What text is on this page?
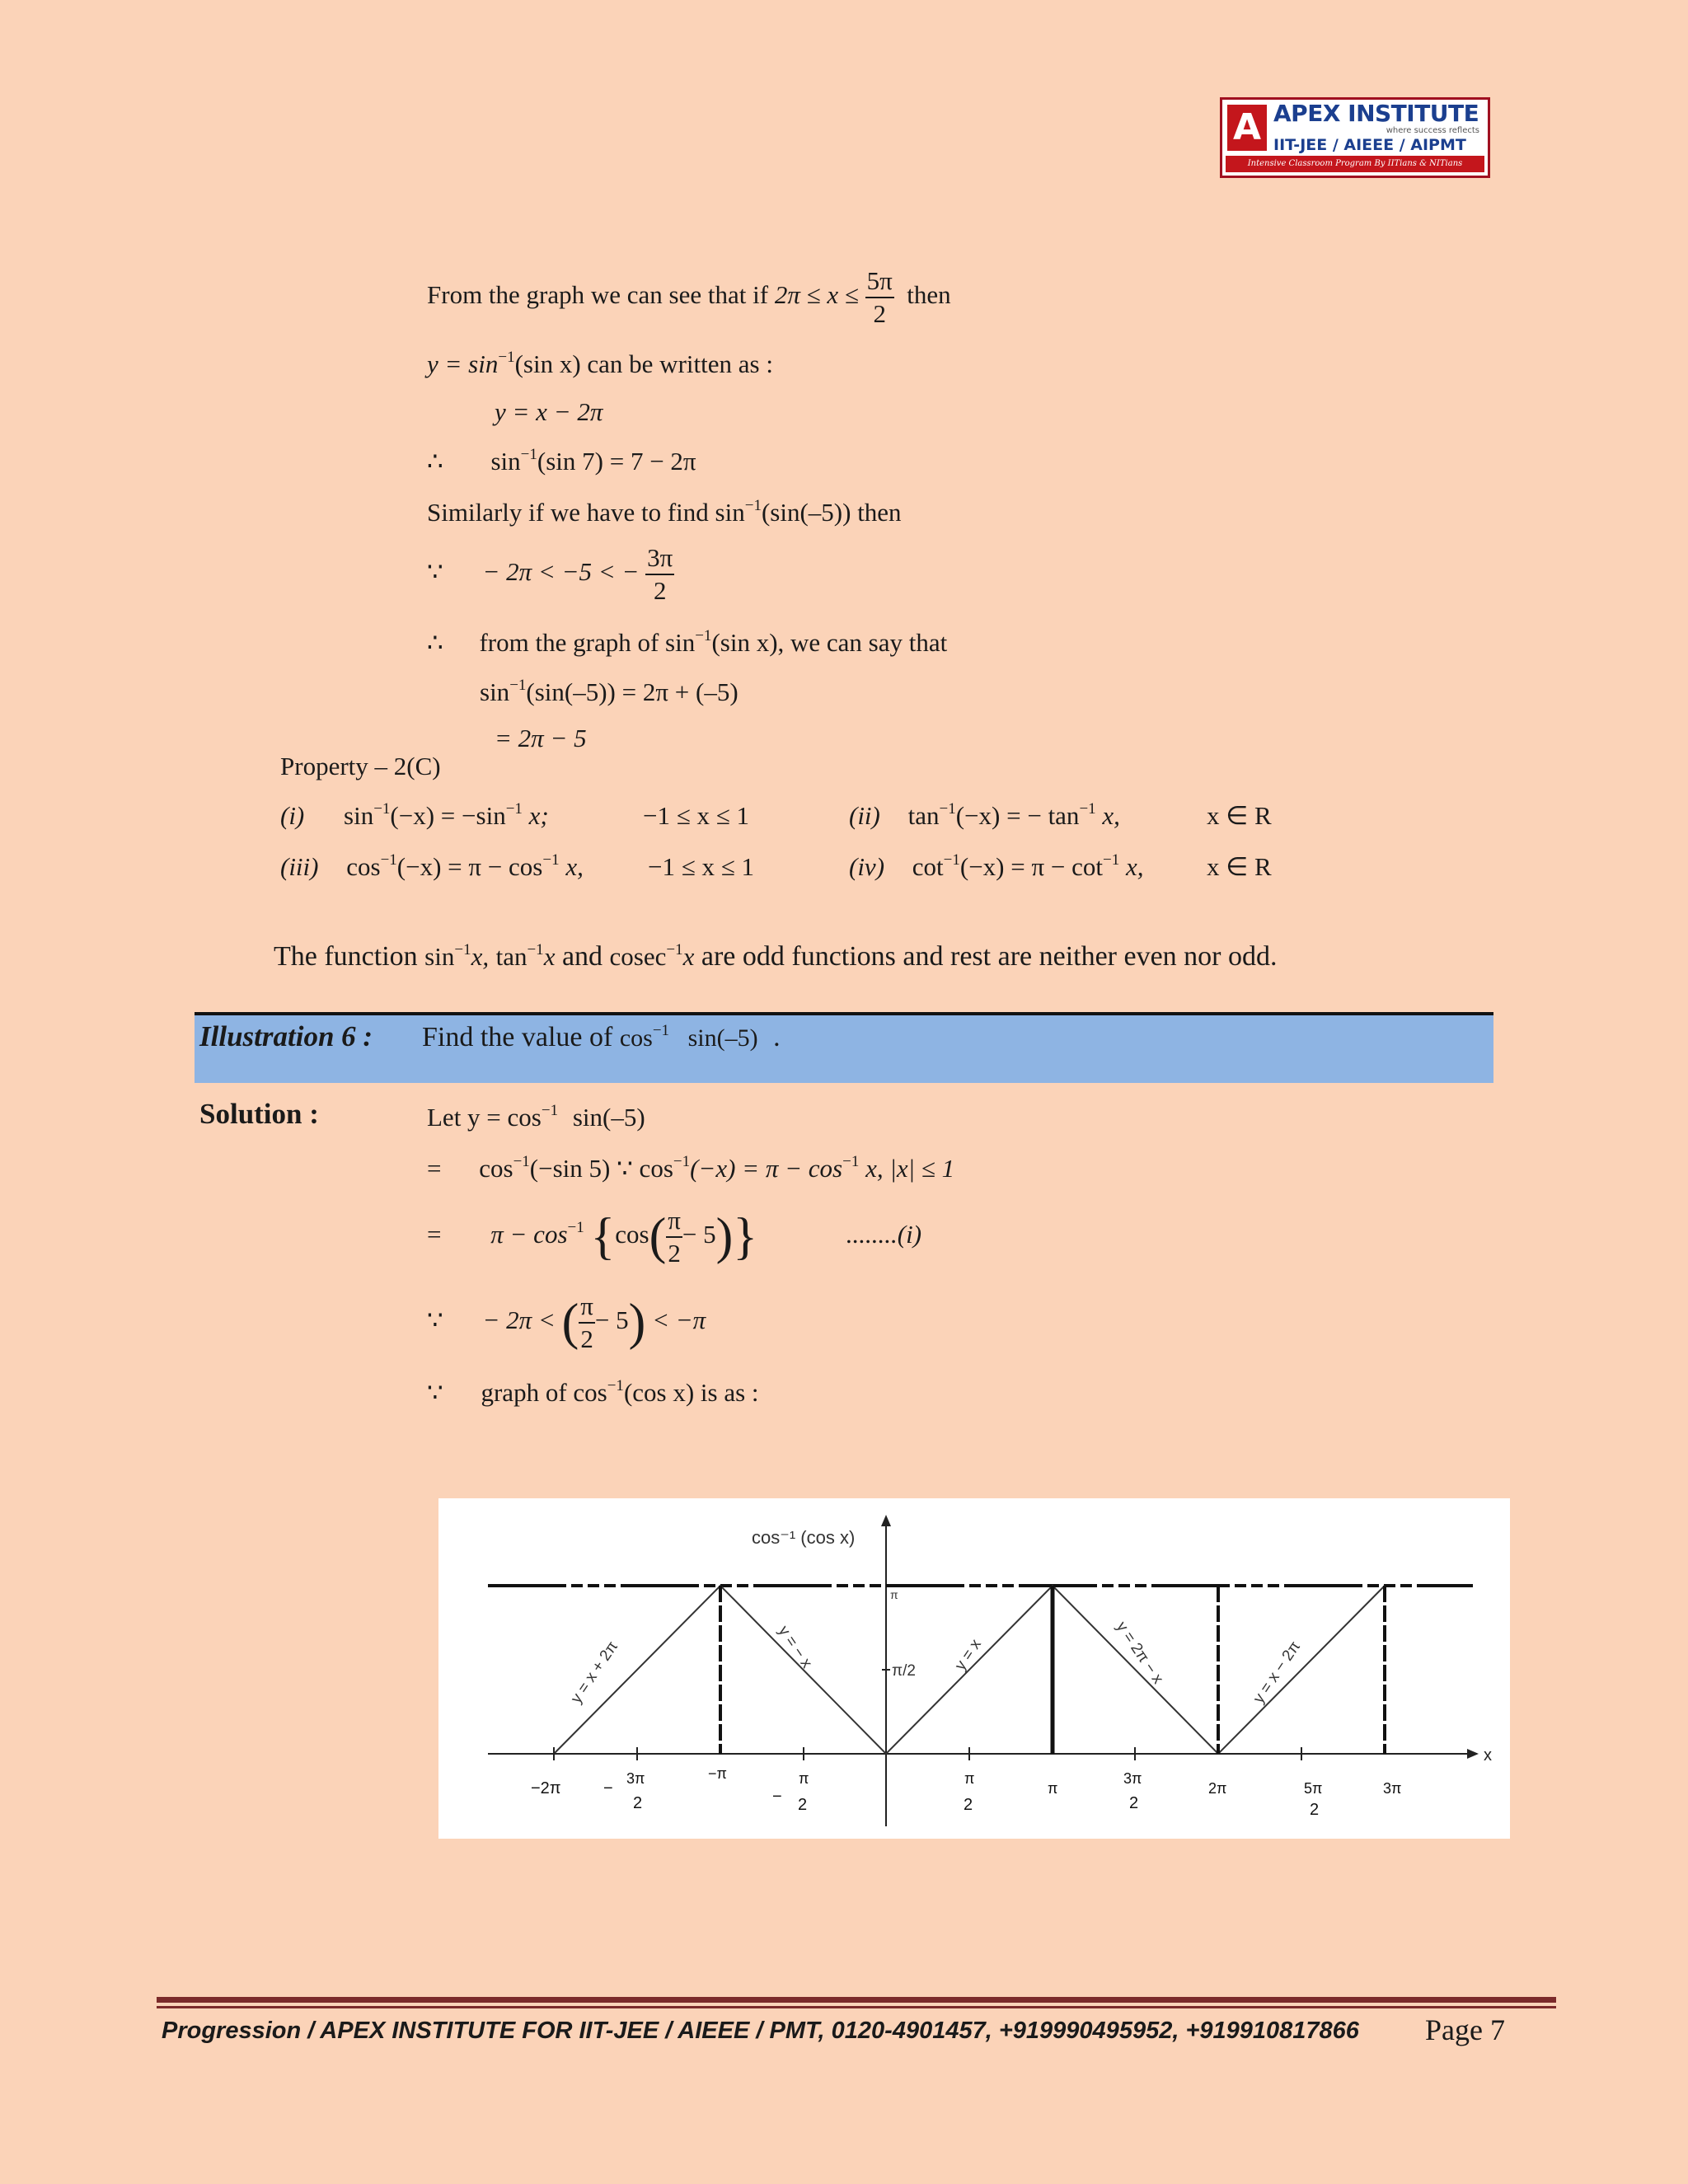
A APEX INSTITUTE
where success reflects
IIT-JEE / AIEEE / AIPMT
Intensive Classroom Program By IITians & NITians
From the graph we can see that if $2\pi \le x \le \frac{5\pi}{2}$ then
$y = \sin^{-1}(\sin$ x) can be written as :
y = x − 2π
∴ $\sin^{-1}(\sin$ 7) = 7 − 2π
Similarly if we have to find $\sin^{-1}(\sin(-5))$ then
∵ − 2π < −5 < − $\frac{3\pi}{2}$
∴ from the graph of $\sin^{-1}(\sin$ x), we can say that
$\sin^{-1}(\sin(-5)) = 2\pi + (-5)$
= 2π − 5
Property – 2(C)
(i) $\sin^{-1}(-x) = -\sin^{-1}$ x;	−1 ≤ x ≤ 1	(ii) $\tan^{-1}(-x)$ = − $\tan^{-1} x$,	x ∈ R
(iii) $\cos^{-1}(-x) = \pi - \cos^{-1} x$,	−1 ≤ x ≤ 1	(iv) $\cot^{-1}(-x) = \pi - \cot^{-1} x$, x ∈ R
The function $\sin^{-1}x$, $\tan^{-1}x$ and cosec$^{-1}$x are odd functions and rest are neither even nor odd.
Illustration 6 : Find the value of $\cos^{-1} \sin(-5)$ .
Solution :	Let $y = \cos^{-1} \sin(-5)$
= $\cos^{-1}(-\sin$ 5) ∵ $\cos^{-1}(-x) = \pi - \cos^{-1} x$, |x| ≤ 1
= $\pi - \cos^{-1} \{\cos( \frac{\pi}{2} - 5)\}$	........(i)
∵ − 2π < ( $\frac{\pi}{2} - 5) < -\pi$
∵ graph of $\cos^{-1}(\cos$ x) is as :
x
cos⁻¹ (cos x)
π
π/2
y = x + 2π	y = − x	y = x	y = 2π − x	y = x − 2π
−2π	−
3π
2
−π
−
π
2
π
2
π
3π
2
2π	5π
2
3π
Progression / APEX INSTITUTE FOR IIT-JEE / AIEEE / PMT, 0120-4901457, +919990495952, +919910817866 Page 7
